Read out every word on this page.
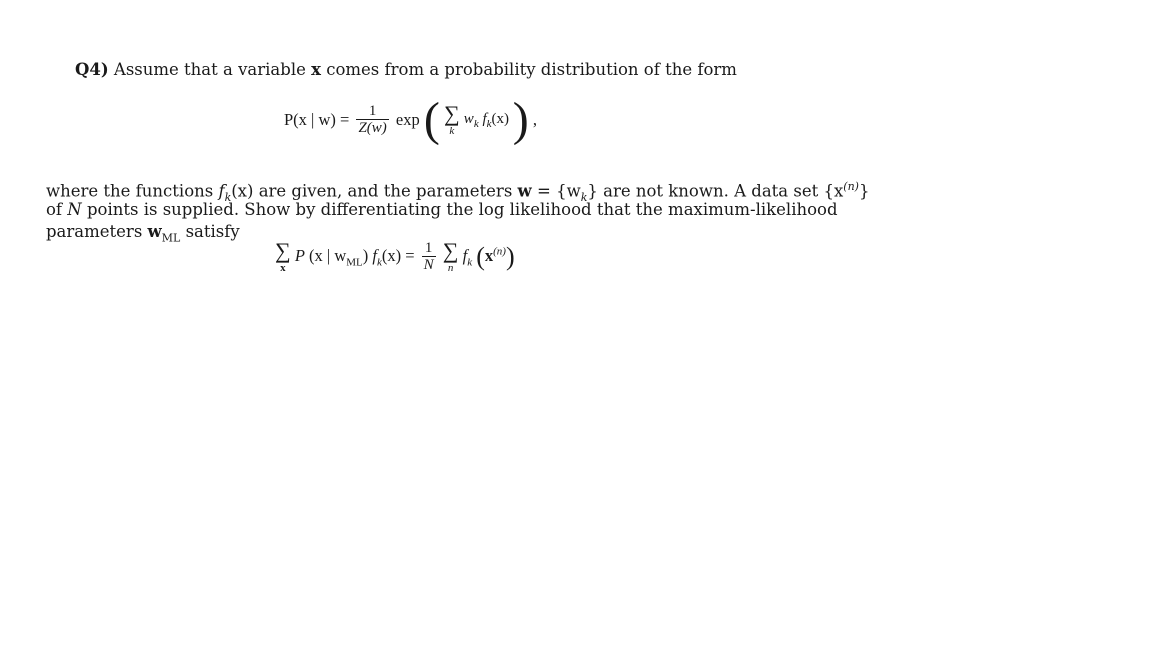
Q4) Assume that a variable x comes from a probability distribution of the form
P(x | $w) = \frac{1}{Z(w)}$ exp ( ∑
k
$w_k$ $f_k(x)$ ) ,
where the functions $f_k(x)$ are given, and the parameters $w = \{w_k\}$ are not known. A data set $\{x^{(n)}\}$
of N points is supplied. Show by differentiating the log likelihood that the maximum-likelihood
parameters $w_{ML}$ satisfy
∑
x
P (x | $w_{ML}$) $f_k(x) = \frac{1}{N}$
∑
n
$f_k$ $(x^{(n)})$
